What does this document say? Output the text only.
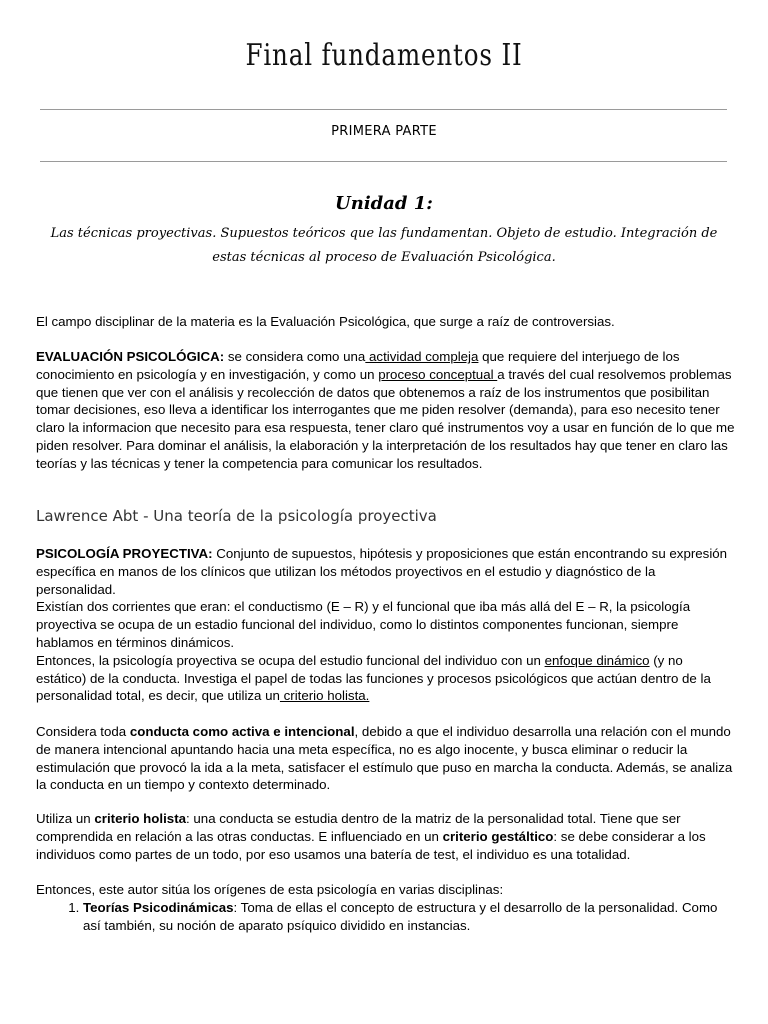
Final fundamentos II
PRIMERA PARTE
Unidad 1:
Las técnicas proyectivas. Supuestos teóricos que las fundamentan. Objeto de estudio. Integración de estas técnicas al proceso de Evaluación Psicológica.

El campo disciplinar de la materia es la Evaluación Psicológica, que surge a raíz de controversias.

EVALUACIÓN PSICOLÓGICA: se considera como una actividad compleja que requiere del interjuego de los conocimiento en psicología y en investigación, y como un proceso conceptual a través del cual resolvemos problemas que tienen que ver con el análisis y recolección de datos que obtenemos a raíz de los instrumentos que posibilitan tomar decisiones, eso lleva a identificar los interrogantes que me piden resolver (demanda), para eso necesito tener claro la informacion que necesito para esa respuesta, tener claro qué instrumentos voy a usar en función de lo que me piden resolver. Para dominar el análisis, la elaboración y la interpretación de los resultados hay que tener en claro las teorías y las técnicas y tener la competencia para comunicar los resultados.

Lawrence Abt - Una teoría de la psicología proyectiva

PSICOLOGÍA PROYECTIVA: Conjunto de supuestos, hipótesis y proposiciones que están encontrando su expresión específica en manos de los clínicos que utilizan los métodos proyectivos en el estudio y diagnóstico de la personalidad.

Existían dos corrientes que eran: el conductismo (E – R) y el funcional que iba más allá del E – R, la psicología proyectiva se ocupa de un estadio funcional del individuo, como lo distintos componentes funcionan, siempre hablamos en términos dinámicos.

Entonces, la psicología proyectiva se ocupa del estudio funcional del individuo con un enfoque dinámico (y no estático) de la conducta. Investiga el papel de todas las funciones y procesos psicológicos que actúan dentro de la personalidad total, es decir, que utiliza un criterio holista.

Considera toda conducta como activa e intencional, debido a que el individuo desarrolla una relación con el mundo de manera intencional apuntando hacia una meta específica, no es algo inocente, y busca eliminar o reducir la estimulación que provocó la ida a la meta, satisfacer el estímulo que puso en marcha la conducta. Además, se analiza la conducta en un tiempo y contexto determinado.

Utiliza un criterio holista: una conducta se estudia dentro de la matriz de la personalidad total. Tiene que ser comprendida en relación a las otras conductas. E influenciado en un criterio gestáltico: se debe considerar a los individuos como partes de un todo, por eso usamos una batería de test, el individuo es una totalidad.

Entonces, este autor sitúa los orígenes de esta psicología en varias disciplinas:

1. Teorías Psicodinámicas: Toma de ellas el concepto de estructura y el desarrollo de la personalidad. Como así también, su noción de aparato psíquico dividido en instancias.
